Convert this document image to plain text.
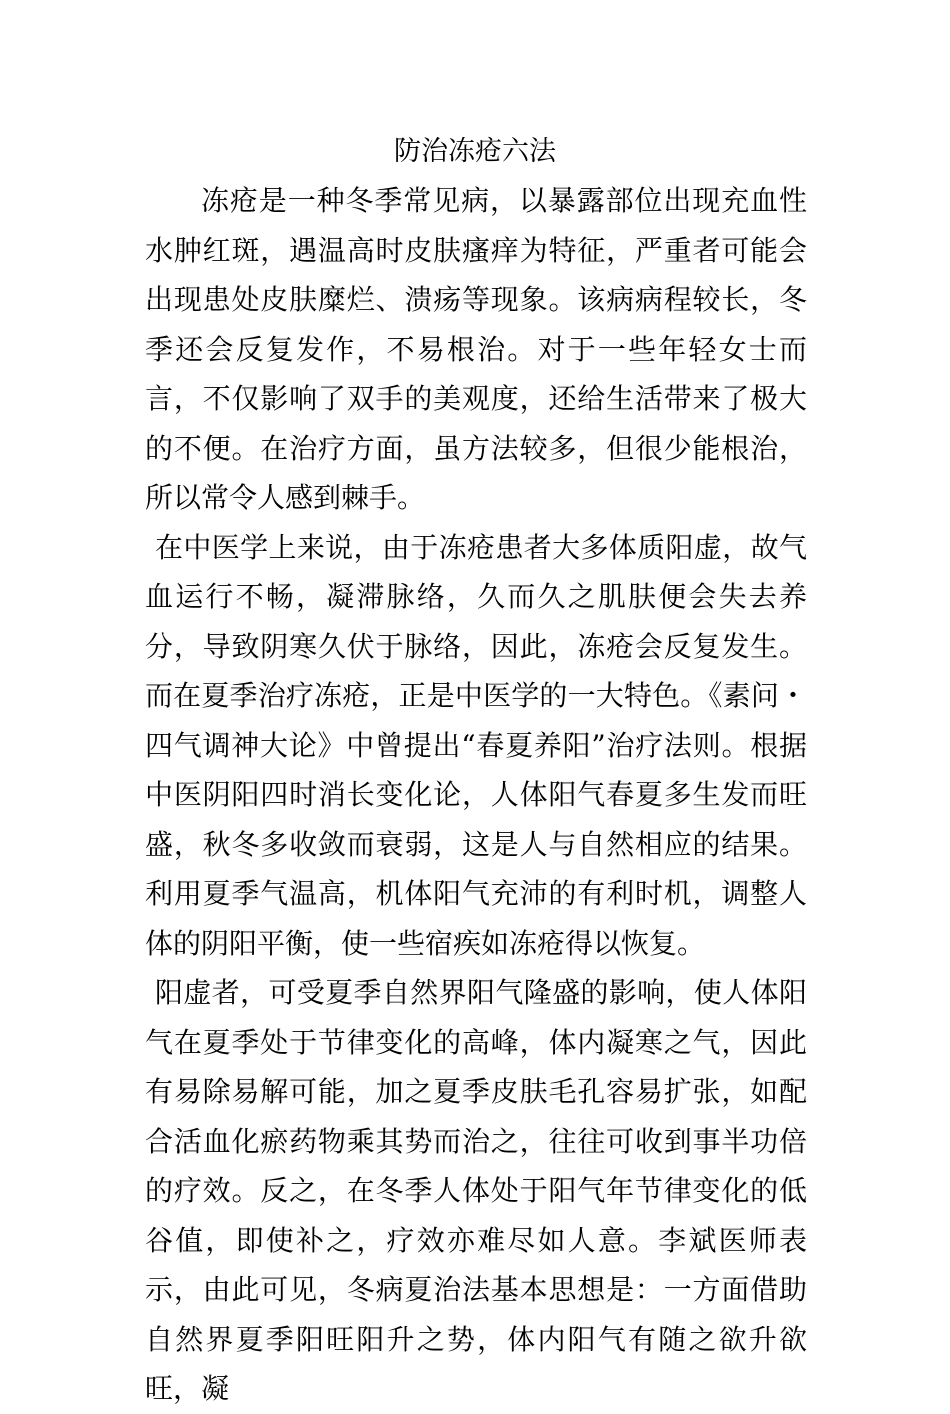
防治冻疮六法

冻疮是一种冬季常见病，以暴露部位出现充血性水肿红斑，遇温高时皮肤瘙痒为特征，严重者可能会出现患处皮肤糜烂、溃疡等现象。该病病程较长，冬季还会反复发作，不易根治。对于一些年轻女士而言，不仅影响了双手的美观度，还给生活带来了极大的不便。在治疗方面，虽方法较多，但很少能根治，所以常令人感到棘手。

在中医学上来说，由于冻疮患者大多体质阳虚，故气血运行不畅，凝滞脉络，久而久之肌肤便会失去养分，导致阴寒久伏于脉络，因此，冻疮会反复发生。而在夏季治疗冻疮，正是中医学的一大特色。《素问・四气调神大论》中曾提出“春夏养阳”治疗法则。根据中医阴阳四时消长变化论，人体阳气春夏多生发而旺盛，秋冬多收敛而衰弱，这是人与自然相应的结果。利用夏季气温高，机体阳气充沛的有利时机，调整人体的阴阳平衡，使一些宿疾如冻疮得以恢复。

阳虚者，可受夏季自然界阳气隆盛的影响，使人体阳气在夏季处于节律变化的高峰，体内凝寒之气，因此有易除易解可能，加之夏季皮肤毛孔容易扩张，如配合活血化瘀药物乘其势而治之，往往可收到事半功倍的疗效。反之，在冬季人体处于阳气年节律变化的低谷值，即使补之，疗效亦难尽如人意。李斌医师表示，由此可见，冬病夏治法基本思想是：一方面借助自然界夏季阳旺阳升之势，体内阳气有随之欲升欲旺，凝
